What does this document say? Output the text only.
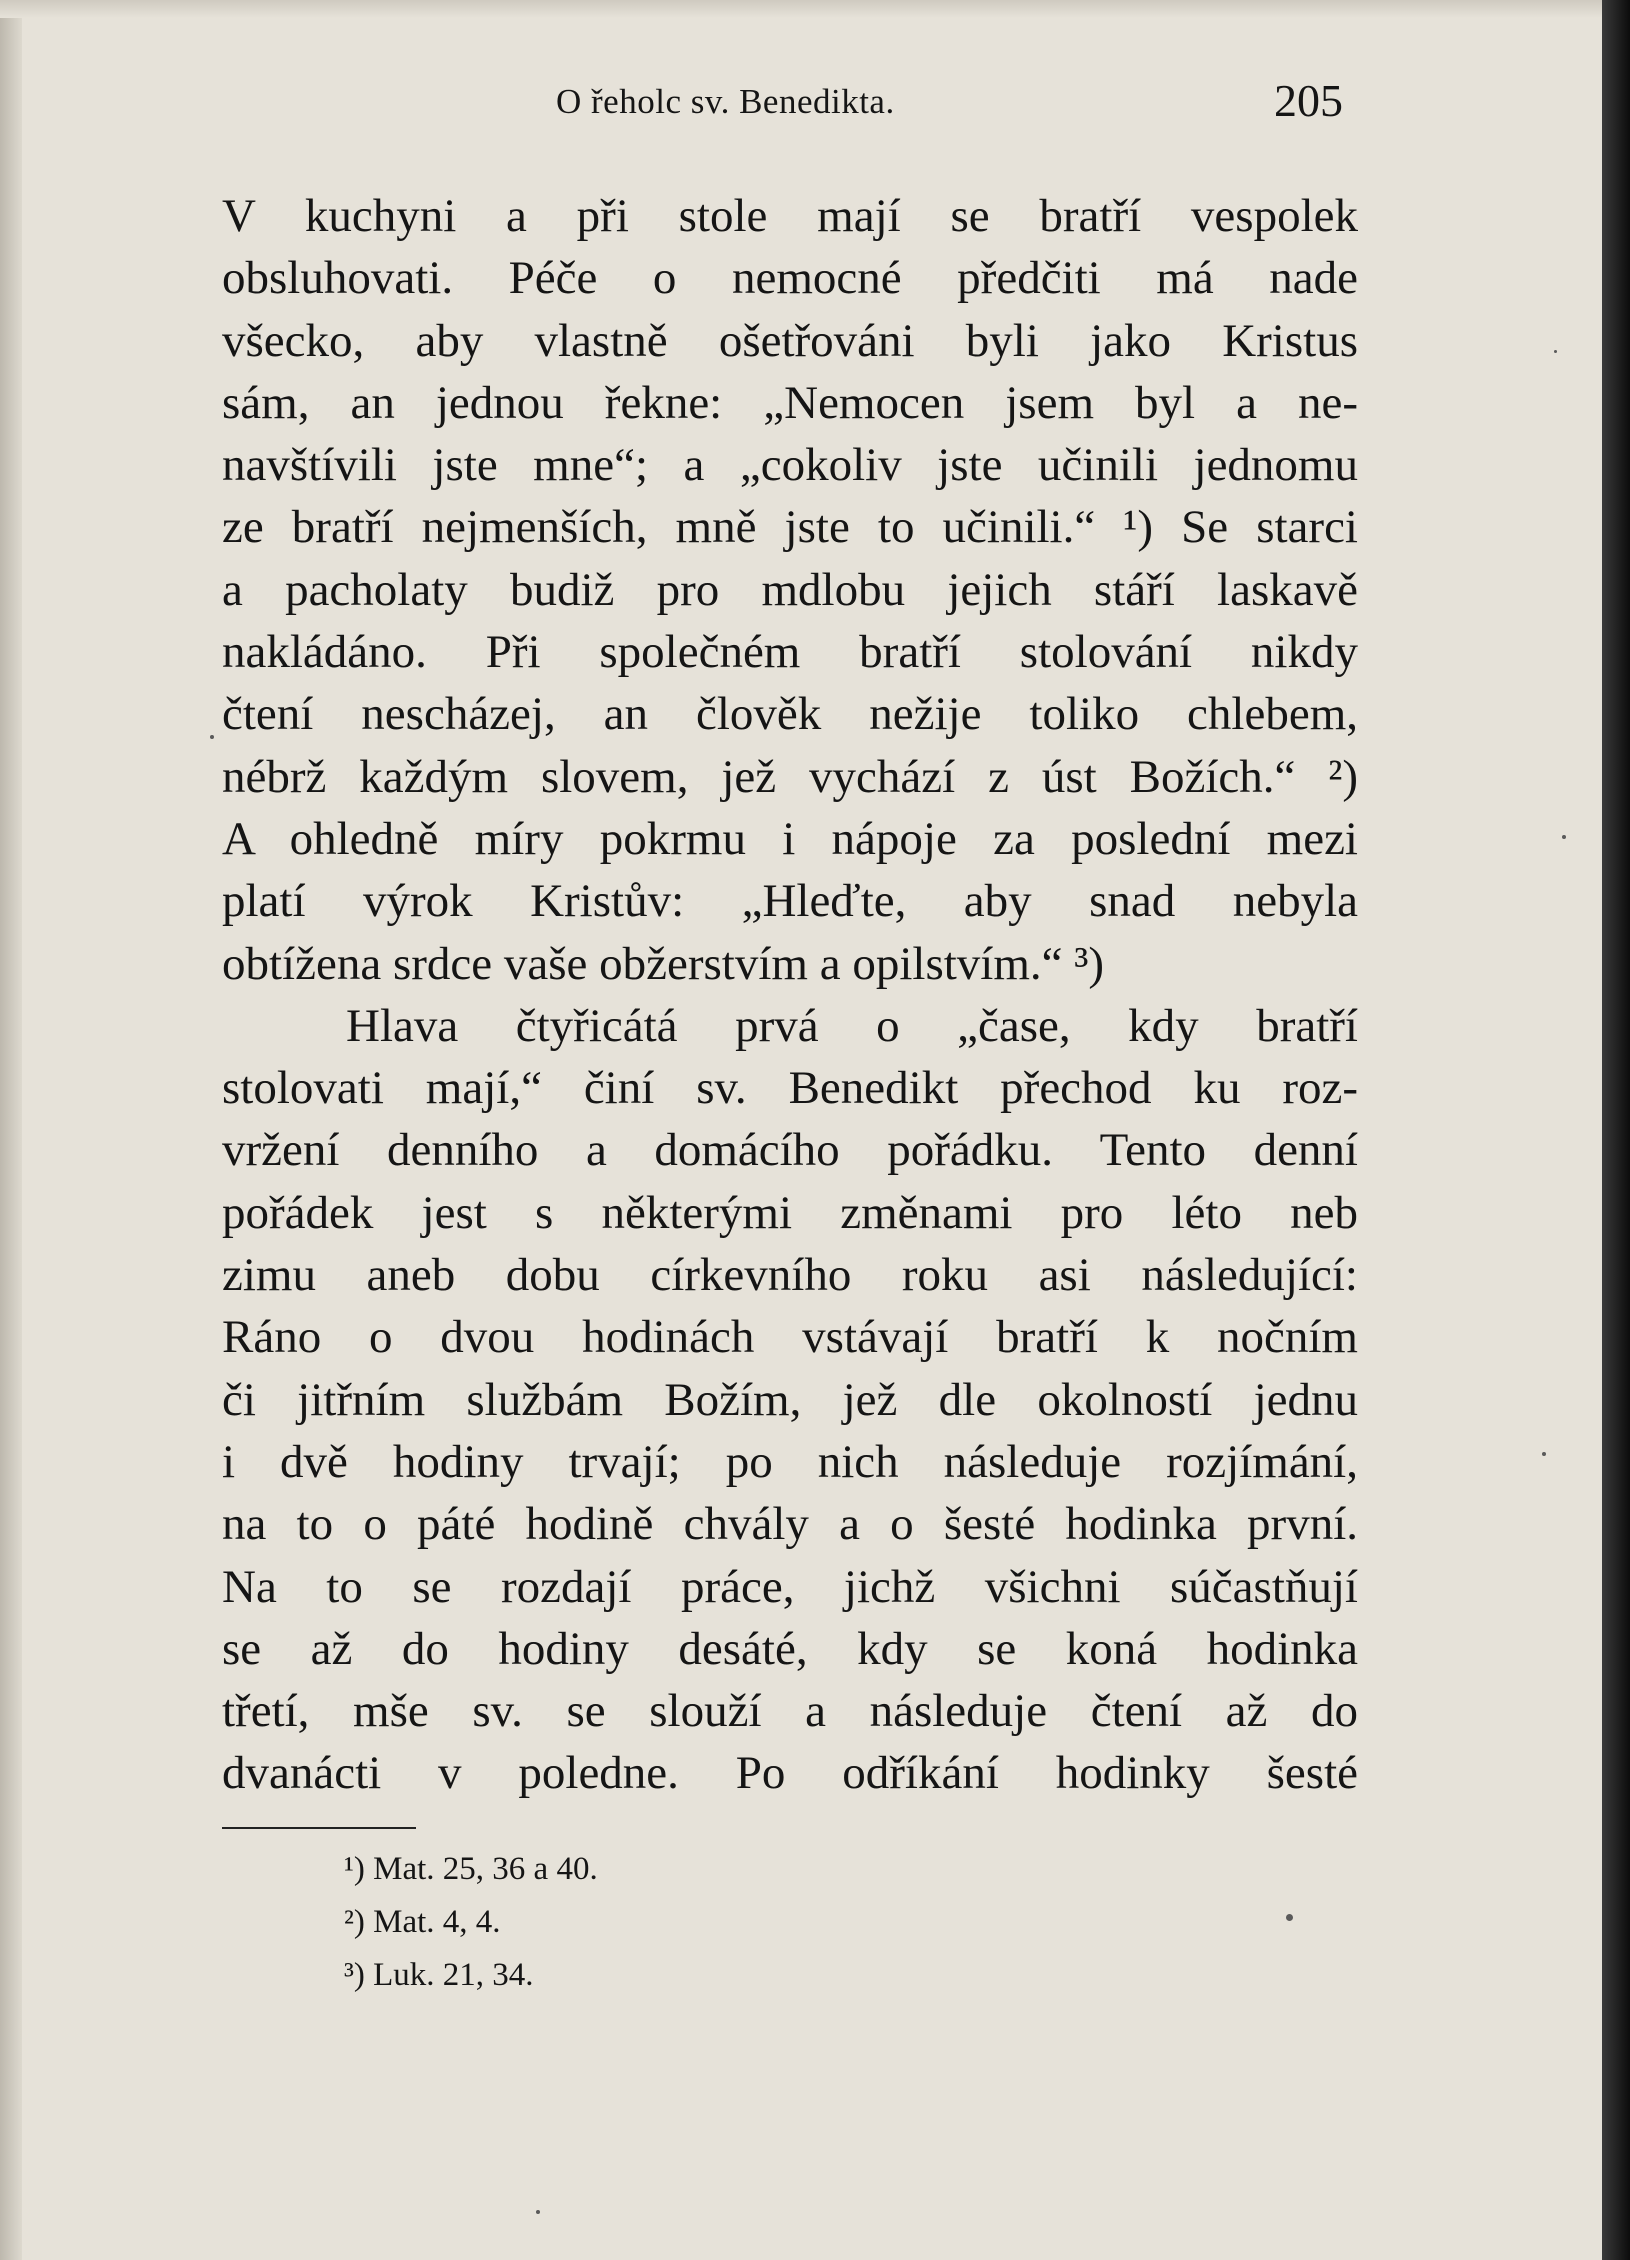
O řeholc sv. Benedikta.	205
V kuchyni a při stole mají se bratří vespolek
obsluhovati. Péče o nemocné předčiti má nade
všecko, aby vlastně ošetřováni byli jako Kristus
sám, an jednou řekne: „Nemocen jsem byl a ne-
navštívili jste mne“; a „cokoliv jste učinili jednomu
ze bratří nejmenších, mně jste to učinili.“ ¹) Se starci
a pacholaty budiž pro mdlobu jejich stáří laskavě
nakládáno. Při společném bratří stolování nikdy
čtení nescházej, an člověk nežije toliko chlebem,
nébrž každým slovem, jež vychází z úst Božích.“ ²)
A ohledně míry pokrmu i nápoje za poslední mezi
platí výrok Kristův: „Hleďte, aby snad nebyla
obtížena srdce vaše obžerstvím a opilstvím.“ ³)
Hlava čtyřicátá prvá o „čase, kdy bratří
stolovati mají,“ činí sv. Benedikt přechod ku roz-
vržení denního a domácího pořádku. Tento denní
pořádek jest s některými změnami pro léto neb
zimu aneb dobu církevního roku asi následující:
Ráno o dvou hodinách vstávají bratří k nočním
či jitřním službám Božím, jež dle okolností jednu
i dvě hodiny trvají; po nich následuje rozjímání,
na to o páté hodině chvály a o šesté hodinka první.
Na to se rozdají práce, jichž všichni súčastňují
se až do hodiny desáté, kdy se koná hodinka
třetí, mše sv. se slouží a následuje čtení až do
dvanácti v poledne. Po odříkání hodinky šesté
¹) Mat. 25, 36 a 40.
²) Mat. 4, 4.
³) Luk. 21, 34.
